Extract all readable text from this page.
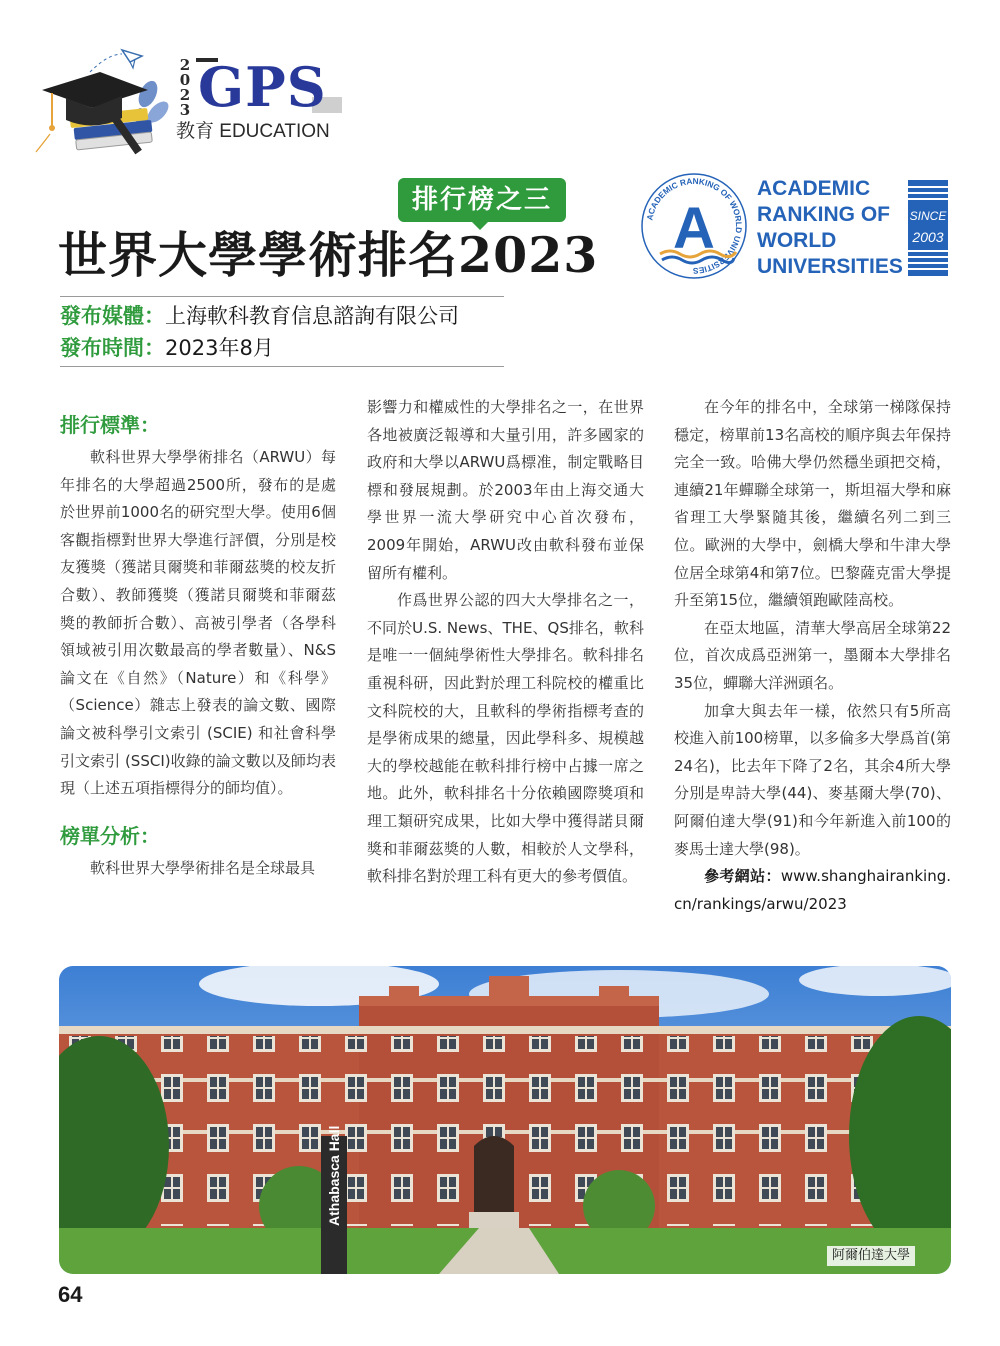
2
0
2
3 GPS
教育 EDUCATION
排行榜之三
世界大學學術排名2023
ACADEMIC RANKING OF WORLD UNIVERSITIES
A
ACADEMIC
RANKING OF
WORLD
UNIVERSITIES
SINCE
2003
發布媒體：上海軟科教育信息諮詢有限公司
發布時間：2023年8月
排行標準：

軟科世界大學學術排名（ARWU）每年排名的大學超過2500所，發布的是處於世界前1000名的研究型大學。使用6個客觀指標對世界大學進行評價，分別是校友獲獎（獲諾貝爾獎和菲爾茲獎的校友折合數）、教師獲獎（獲諾貝爾獎和菲爾茲獎的教師折合數）、高被引學者（各學科領域被引用次數最高的學者數量）、N&S論文在《自然》（Nature）和《科學》（Science）雜志上發表的論文數、國際論文被科學引文索引 (SCIE) 和社會科學引文索引 (SSCI)收錄的論文數以及師均表現（上述五項指標得分的師均值）。

榜單分析：

軟科世界大學學術排名是全球最具

影響力和權威性的大學排名之一，在世界各地被廣泛報導和大量引用，許多國家的政府和大學以ARWU爲標准，制定戰略目標和發展規劃。於2003年由上海交通大學世界一流大學研究中心首次發布，2009年開始，ARWU改由軟科發布並保留所有權利。

作爲世界公認的四大大學排名之一，不同於U.S. News、THE、QS排名，軟科是唯一一個純學術性大學排名。軟科排名重視科研，因此對於理工科院校的權重比文科院校的大，且軟科的學術指標考查的是學術成果的總量，因此學科多、規模越大的學校越能在軟科排行榜中占據一席之地。此外，軟科排名十分依賴國際獎項和理工類研究成果，比如大學中獲得諾貝爾獎和菲爾茲獎的人數，相較於人文學科，軟科排名對於理工科有更大的參考價值。

在今年的排名中，全球第一梯隊保持穩定，榜單前13名高校的順序與去年保持完全一致。哈佛大學仍然穩坐頭把交椅，連續21年蟬聯全球第一，斯坦福大學和麻省理工大學緊隨其後，繼續名列二到三位。歐洲的大學中，劍橋大學和牛津大學位居全球第4和第7位。巴黎薩克雷大學提升至第15位，繼續領跑歐陸高校。

在亞太地區，清華大學高居全球第22位，首次成爲亞洲第一，墨爾本大學排名35位，蟬聯大洋洲頭名。

加拿大與去年一樣，依然只有5所高校進入前100榜單，以多倫多大學爲首(第24名)，比去年下降了2名，其余4所大學分別是卑詩大學(44)、麥基爾大學(70)、阿爾伯達大學(91)和今年新進入前100的麥馬士達大學(98)。

參考網站：www.shanghairanking.cn/rankings/arwu/2023

Athabasca Hall
阿爾伯達大學
64
